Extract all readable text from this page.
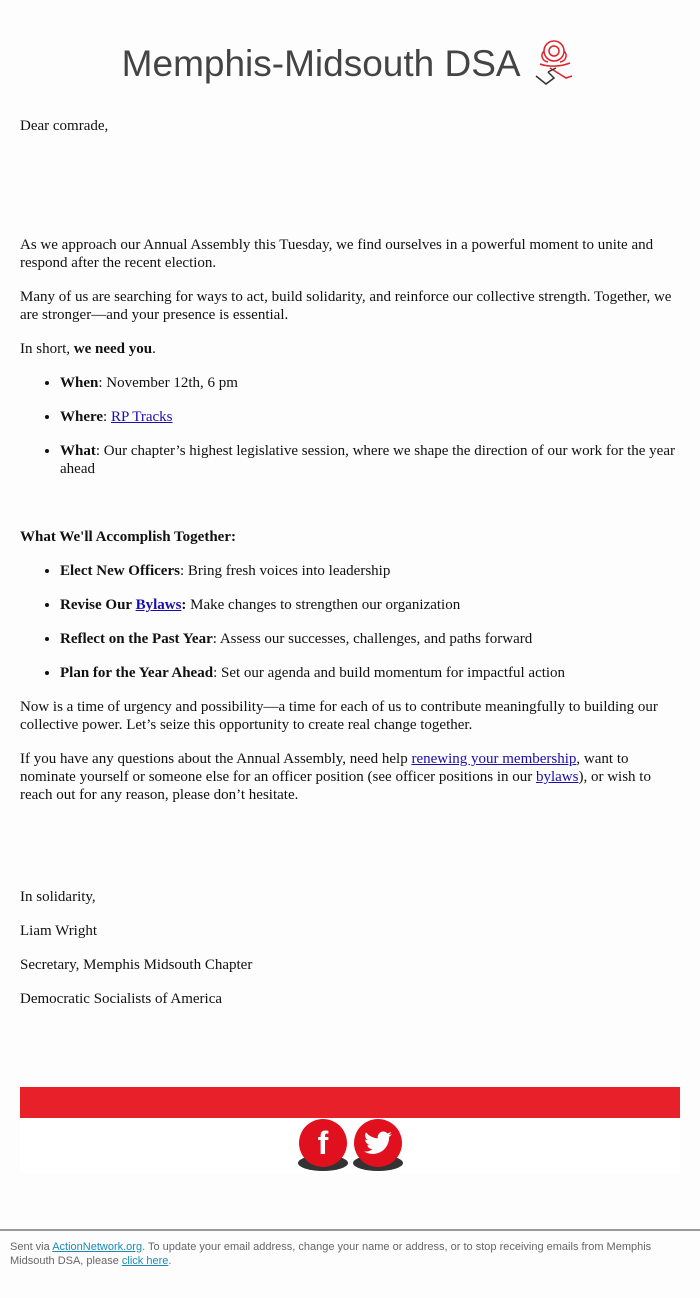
Memphis-Midsouth DSA

Dear comrade,

As we approach our Annual Assembly this Tuesday, we find ourselves in a powerful moment to unite and respond after the recent election.

Many of us are searching for ways to act, build solidarity, and reinforce our collective strength. Together, we are stronger—and your presence is essential.

In short, we need you.

• When: November 12th, 6 pm
• Where: RP Tracks
• What: Our chapter’s highest legislative session, where we shape the direction of our work for the year ahead

What We'll Accomplish Together:

• Elect New Officers: Bring fresh voices into leadership
• Revise Our Bylaws: Make changes to strengthen our organization
• Reflect on the Past Year: Assess our successes, challenges, and paths forward
• Plan for the Year Ahead: Set our agenda and build momentum for impactful action

Now is a time of urgency and possibility—a time for each of us to contribute meaningfully to building our collective power. Let’s seize this opportunity to create real change together.

If you have any questions about the Annual Assembly, need help renewing your membership, want to nominate yourself or someone else for an officer position (see officer positions in our bylaws), or wish to reach out for any reason, please don’t hesitate.

In solidarity,

Liam Wright

Secretary, Memphis Midsouth Chapter

Democratic Socialists of America

f
Sent via ActionNetwork.org. To update your email address, change your name or address, or to stop receiving emails from Memphis Midsouth DSA, please click here.
